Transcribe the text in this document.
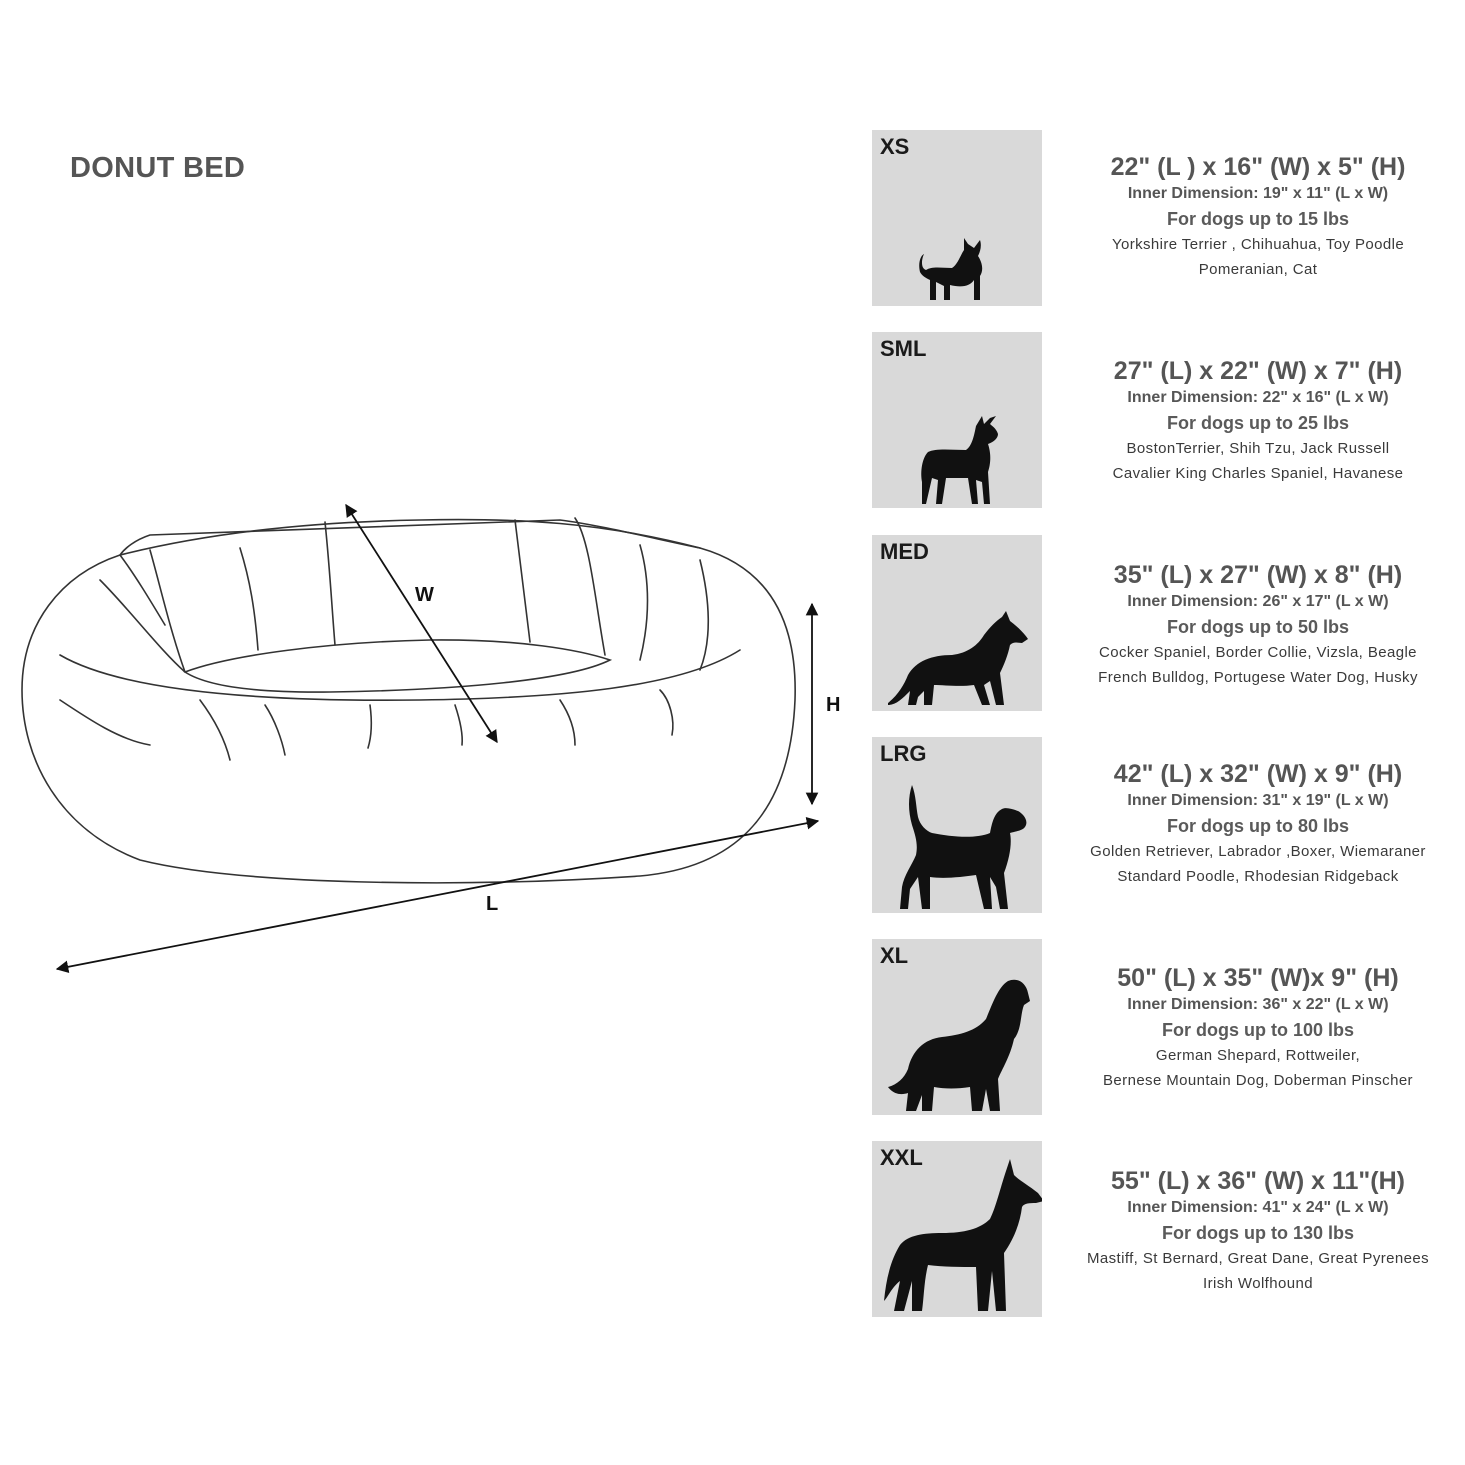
DONUT BED
W
H
L
XS
SML
MED
LRG
XL
XXL
22" (L ) x 16" (W) x 5" (H)
Inner Dimension: 19" x 11" (L x W)
For dogs up to 15 lbs
Yorkshire Terrier , Chihuahua, Toy Poodle
Pomeranian, Cat
27" (L) x 22" (W) x 7" (H)
Inner Dimension: 22" x 16" (L x W)
For dogs up to 25 lbs
BostonTerrier, Shih Tzu, Jack Russell
Cavalier King Charles Spaniel, Havanese
35" (L) x 27" (W) x 8" (H)
Inner Dimension: 26" x 17" (L x W)
For dogs up to 50 lbs
Cocker Spaniel, Border Collie, Vizsla, Beagle
French Bulldog, Portugese Water Dog, Husky
42" (L) x 32" (W) x 9" (H)
Inner Dimension: 31" x 19" (L x W)
For dogs up to 80 lbs
Golden Retriever, Labrador ,Boxer, Wiemaraner
Standard Poodle, Rhodesian Ridgeback
50" (L) x 35" (W)x 9" (H)
Inner Dimension: 36" x 22" (L x W)
For dogs up to 100 lbs
German Shepard, Rottweiler,
Bernese Mountain Dog, Doberman Pinscher
55" (L) x 36" (W) x 11"(H)
Inner Dimension: 41" x 24" (L x W)
For dogs up to 130 lbs
Mastiff, St Bernard, Great Dane, Great Pyrenees
Irish Wolfhound
